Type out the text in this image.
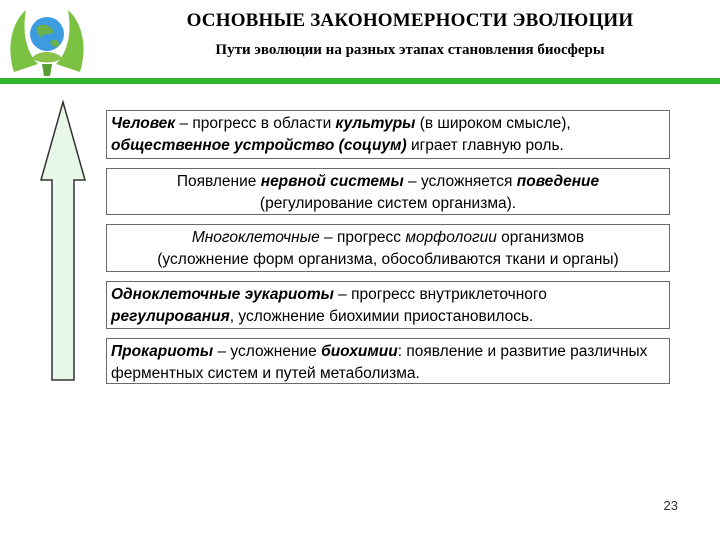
ОСНОВНЫЕ ЗАКОНОМЕРНОСТИ ЭВОЛЮЦИИ
Пути эволюции на разных этапах становления биосферы
Человек – прогресс в области культуры (в широком смысле), общественное устройство (социум) играет главную роль.
Появление нервной системы – усложняется поведение
(регулирование систем организма).
Многоклеточные – прогресс морфологии организмов
(усложнение форм организма, обособливаются ткани и органы)
Одноклеточные эукариоты – прогресс внутриклеточного регулирования, усложнение биохимии приостановилось.
Прокариоты – усложнение биохимии: появление и развитие различных ферментных систем и путей метаболизма.
23
